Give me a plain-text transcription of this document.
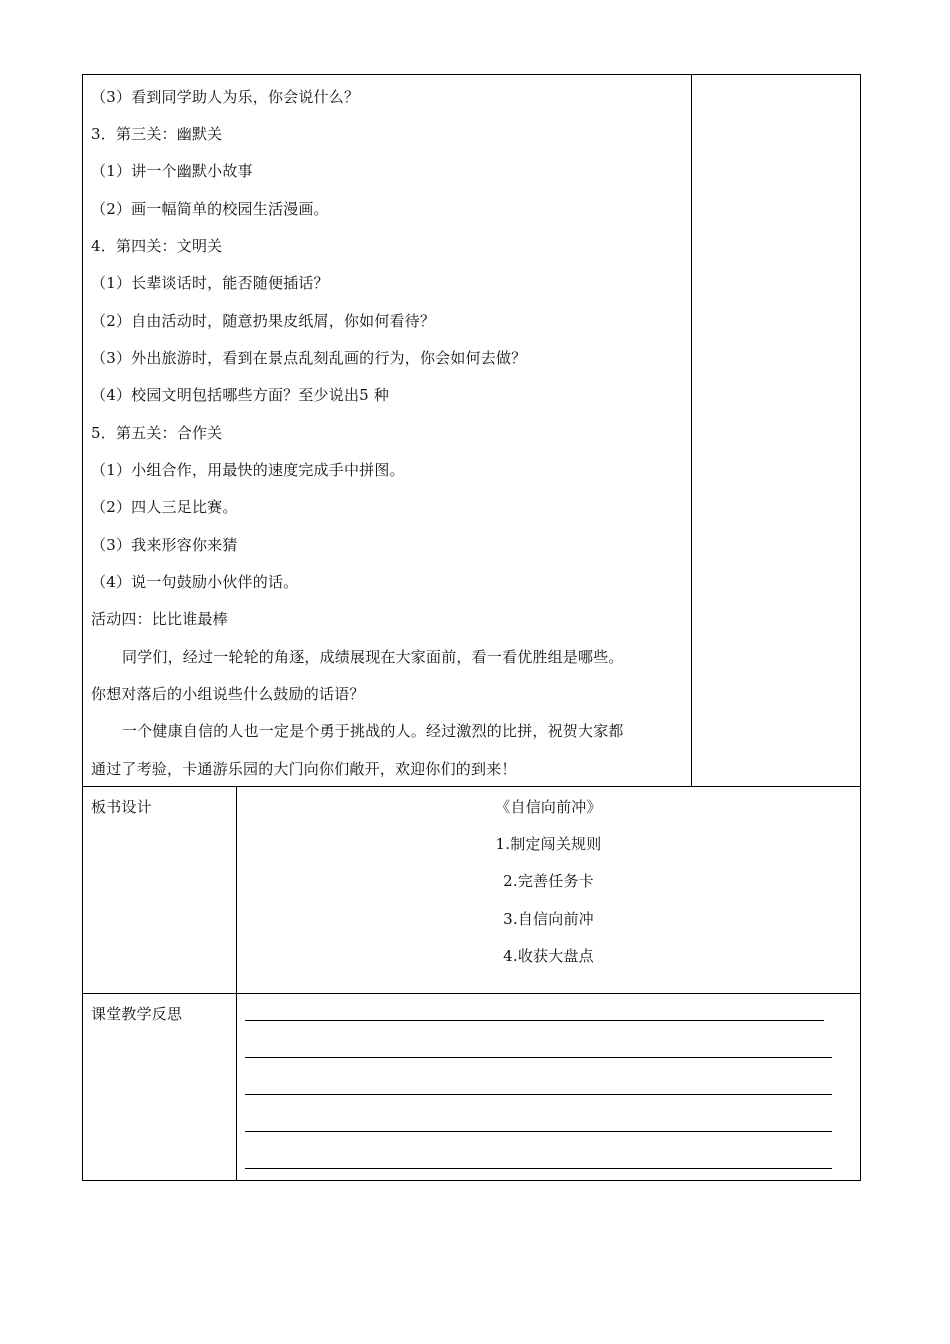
（3）看到同学助人为乐，你会说什么？
3．第三关：幽默关
（1）讲一个幽默小故事
（2）画一幅简单的校园生活漫画。
4．第四关：文明关
（1）长辈谈话时，能否随便插话？
（2）自由活动时，随意扔果皮纸屑，你如何看待？
（3）外出旅游时，看到在景点乱刻乱画的行为，你会如何去做？
（4）校园文明包括哪些方面？至少说出5 种
5．第五关：合作关
（1）小组合作，用最快的速度完成手中拼图。
（2）四人三足比赛。
（3）我来形容你来猜
（4）说一句鼓励小伙伴的话。
活动四：比比谁最棒
同学们，经过一轮轮的角逐，成绩展现在大家面前，看一看优胜组是哪些。
你想对落后的小组说些什么鼓励的话语？
一个健康自信的人也一定是个勇于挑战的人。经过激烈的比拼，祝贺大家都
通过了考验，卡通游乐园的大门向你们敞开，欢迎你们的到来！
板书设计	《自信向前冲》
1.制定闯关规则
2.完善任务卡
3.自信向前冲
4.收获大盘点
课堂教学反思
